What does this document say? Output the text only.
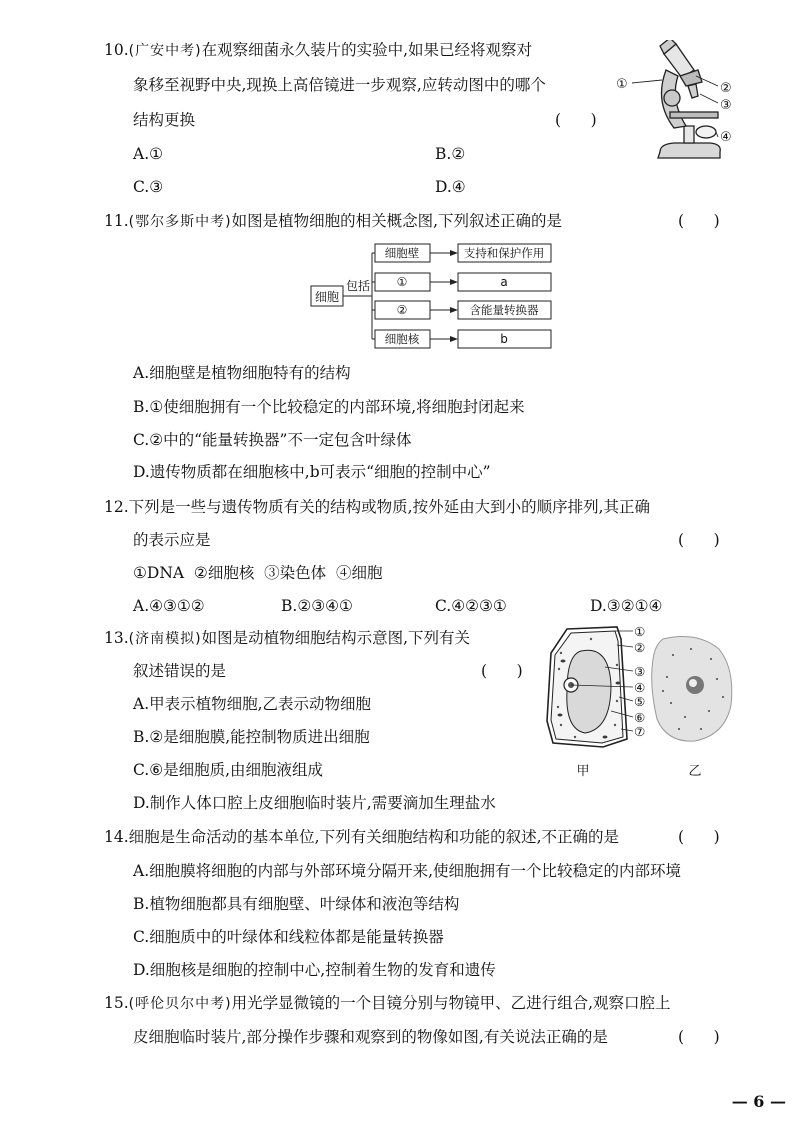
10.(广安中考)在观察细菌永久装片的实验中,如果已经将观察对
象移至视野中央,现换上高倍镜进一步观察,应转动图中的哪个
结构更换	(      )
A.①	B.②
C.③	D.④
①	②
③
④
11.(鄂尔多斯中考)如图是植物细胞的相关概念图,下列叙述正确的是	(      )
细胞
包括
细胞壁
①
②
细胞核
支持和保护作用
a
含能量转换器
b
A.细胞壁是植物细胞特有的结构
B.①使细胞拥有一个比较稳定的内部环境,将细胞封闭起来
C.②中的“能量转换器”不一定包含叶绿体
D.遗传物质都在细胞核中,b可表示“细胞的控制中心”
12.下列是一些与遗传物质有关的结构或物质,按外延由大到小的顺序排列,其正确
的表示应是	(      )
①DNA  ②细胞核  ③染色体  ④细胞
A.④③①②	B.②③④①	C.④②③①	D.③②①④
13.(济南模拟)如图是动植物细胞结构示意图,下列有关
叙述错误的是	(      )
A.甲表示植物细胞,乙表示动物细胞
B.②是细胞膜,能控制物质进出细胞
C.⑥是细胞质,由细胞液组成
D.制作人体口腔上皮细胞临时装片,需要滴加生理盐水
①
②
③
④
⑤
⑥
⑦
甲	乙
14.细胞是生命活动的基本单位,下列有关细胞结构和功能的叙述,不正确的是	(      )
A.细胞膜将细胞的内部与外部环境分隔开来,使细胞拥有一个比较稳定的内部环境
B.植物细胞都具有细胞壁、叶绿体和液泡等结构
C.细胞质中的叶绿体和线粒体都是能量转换器
D.细胞核是细胞的控制中心,控制着生物的发育和遗传
15.(呼伦贝尔中考)用光学显微镜的一个目镜分别与物镜甲、乙进行组合,观察口腔上
皮细胞临时装片,部分操作步骤和观察到的物像如图,有关说法正确的是	(      )
— 6 —
